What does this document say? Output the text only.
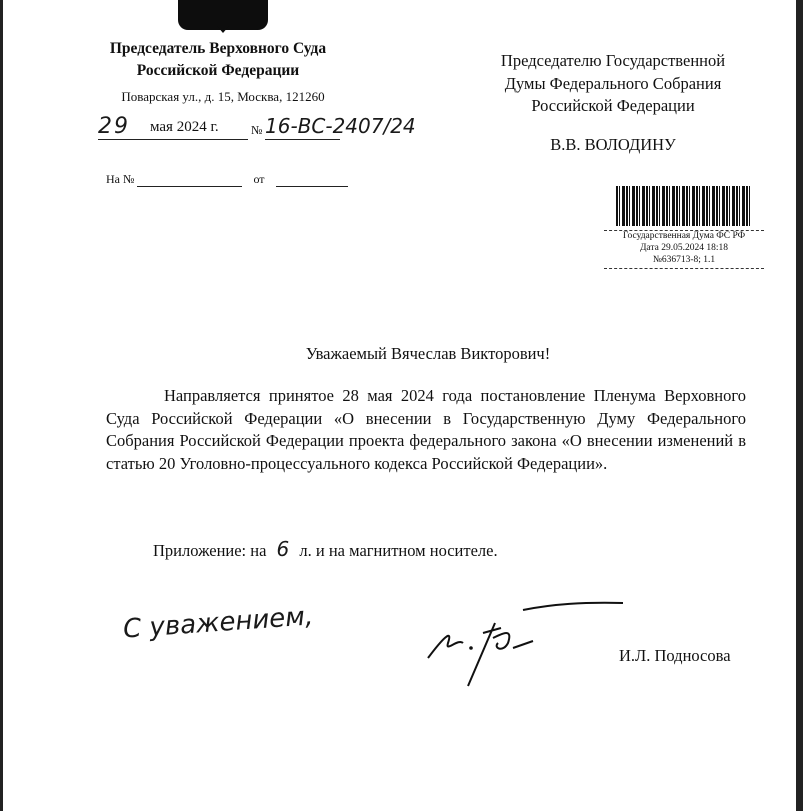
Председатель Верховного Суда
Российской Федерации
Поварская ул., д. 15, Москва, 121260
29 мая 2024 г.	№ 16-ВС-2407/24
На №	от
Председателю Государственной
Думы Федерального Собрания
Российской Федерации
В.В. ВОЛОДИНУ
Государственная Дума ФС РФ
Дата 29.05.2024 18:18
№636713-8; 1.1
Уважаемый Вячеслав Викторович!
Направляется принятое 28 мая 2024 года постановление Пленума Верховного Суда Российской Федерации «О внесении в Государственную Думу Федерального Собрания Российской Федерации проекта федерального закона «О внесении изменений в статью 20 Уголовно-процессуального кодекса Российской Федерации».
Приложение: на 6 л. и на магнитном носителе.
С уважением,
И.Л. Подносова
